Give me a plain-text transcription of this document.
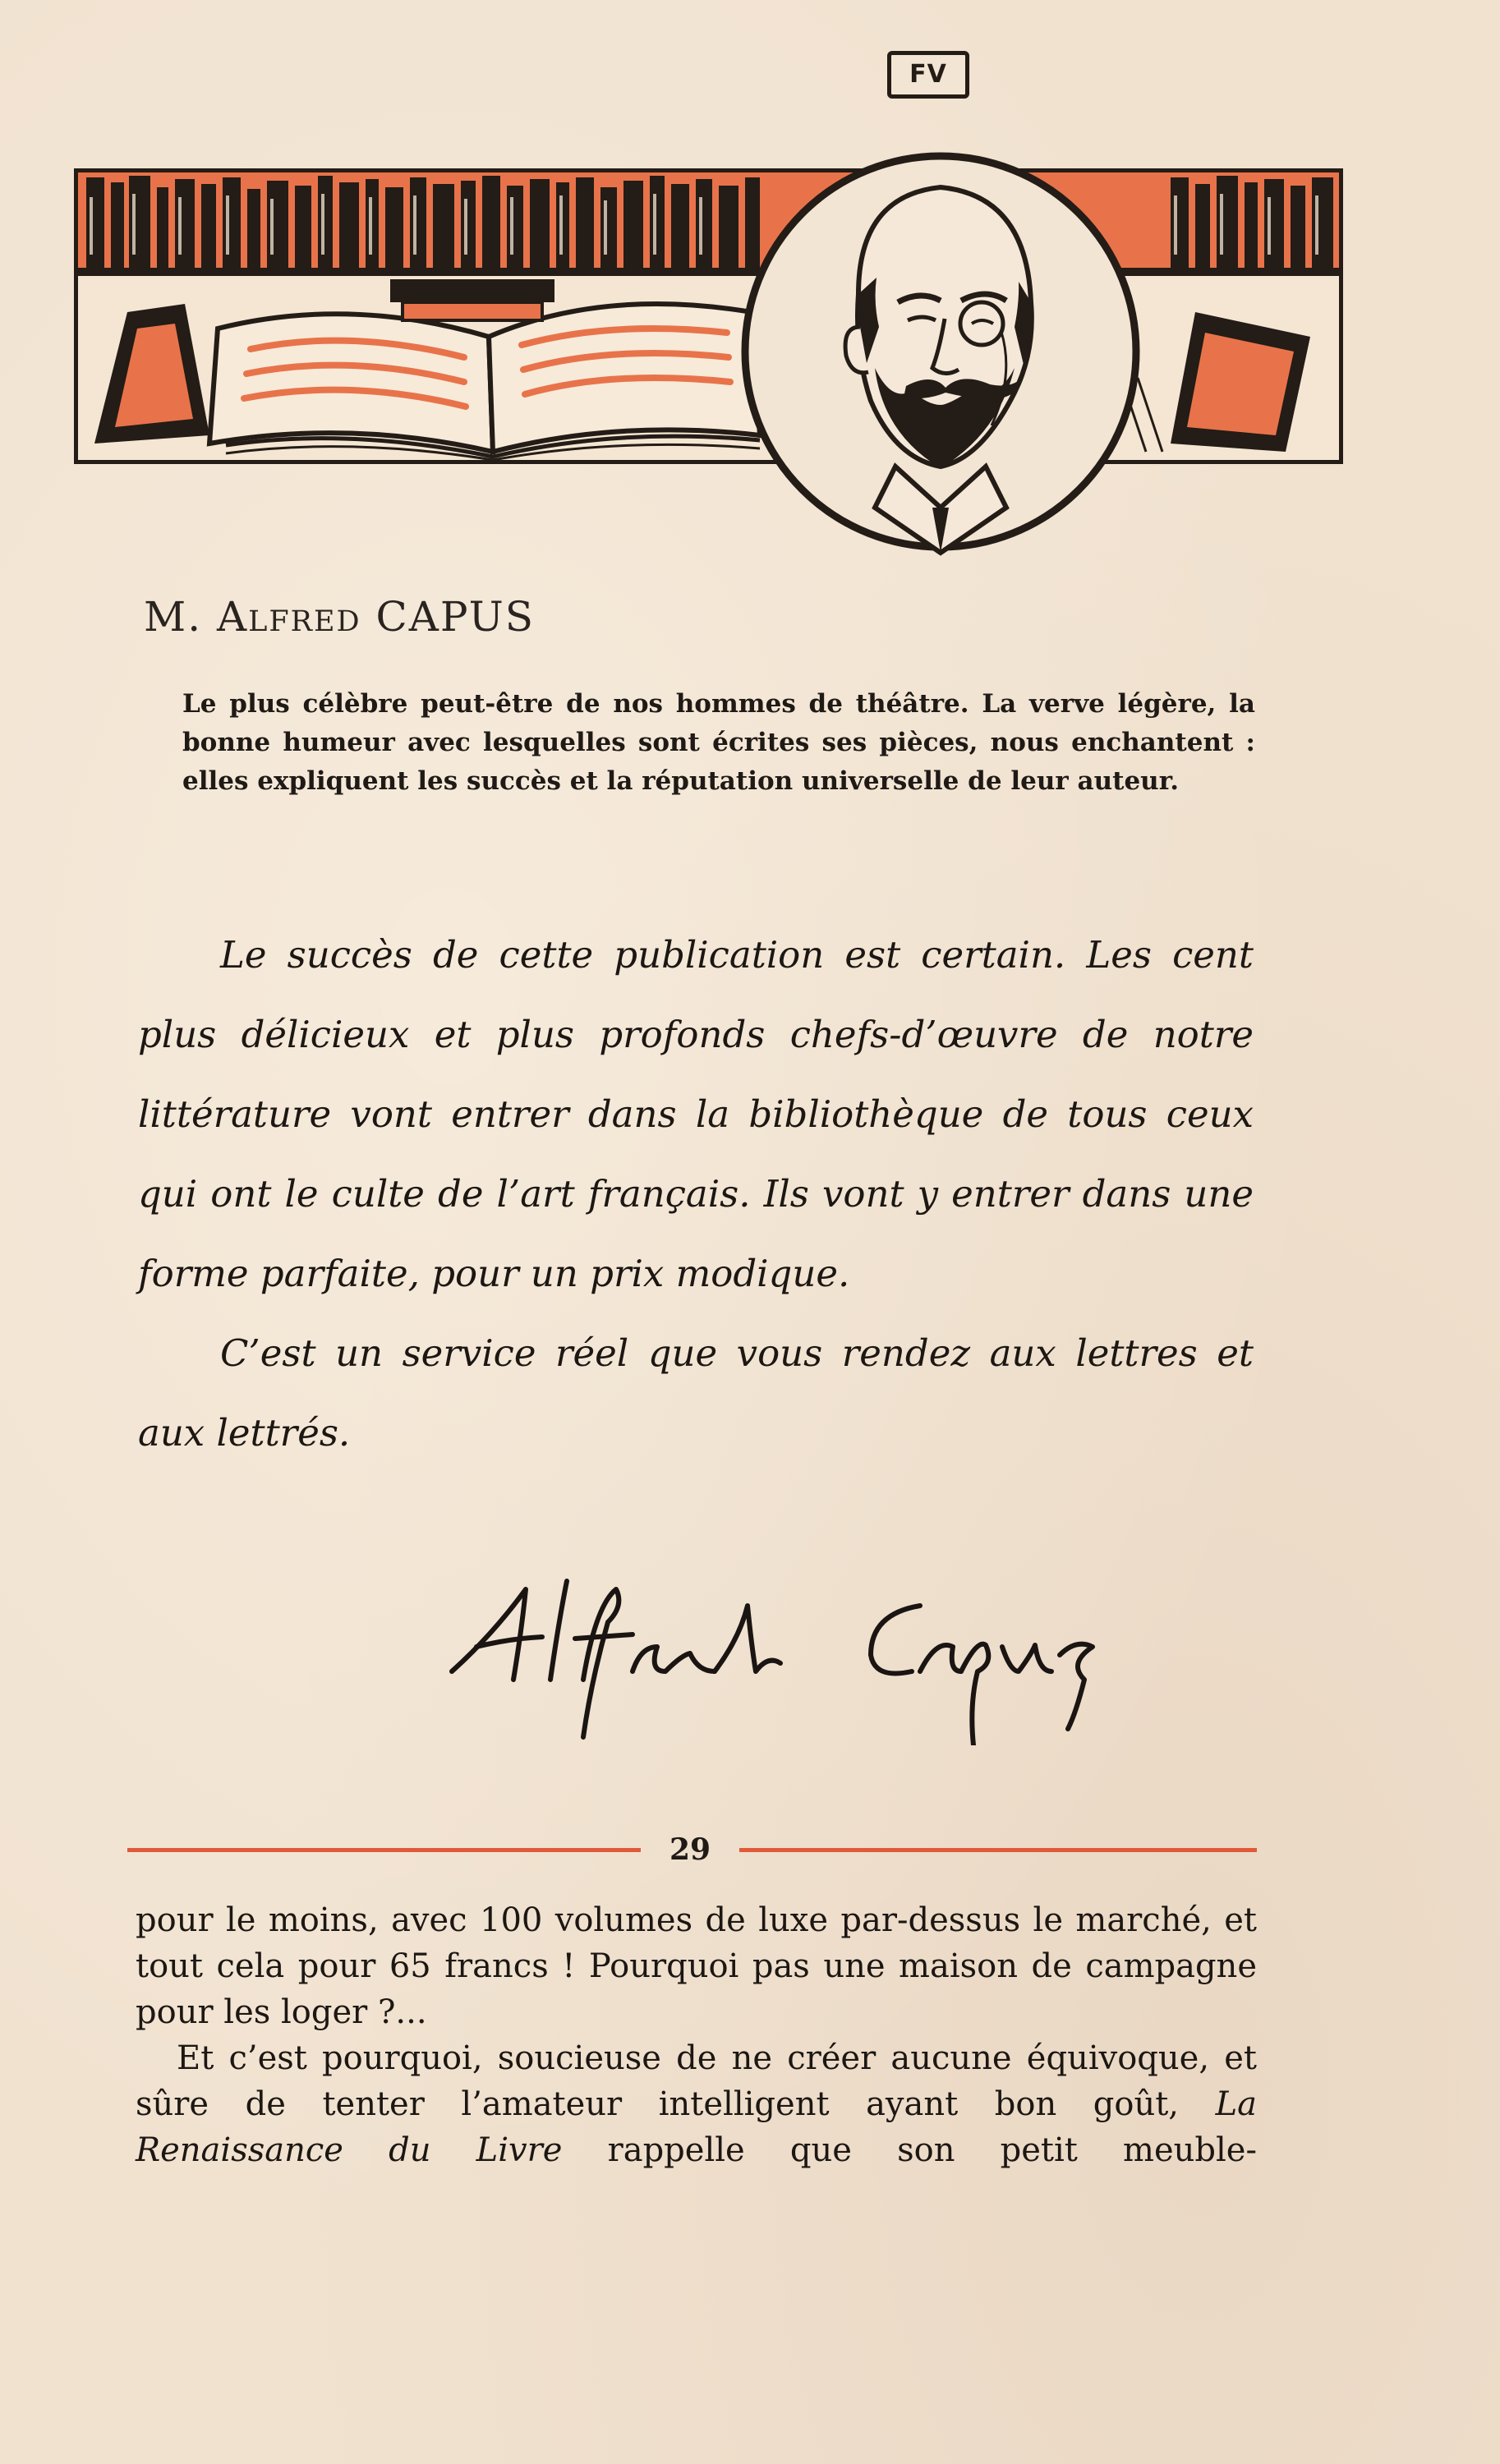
FV
M. Alfred CAPUS

Le plus célèbre peut-être de nos hommes de théâtre. La verve légère, la bonne humeur avec lesquelles sont écrites ses pièces, nous enchantent : elles expliquent les succès et la réputation universelle de leur auteur.

Le succès de cette publication est certain. Les cent plus délicieux et plus profonds chefs-d’œuvre de notre littérature vont entrer dans la bibliothèque de tous ceux qui ont le culte de l’art français. Ils vont y entrer dans une forme parfaite, pour un prix modique.

C’est un service réel que vous rendez aux lettres et aux lettrés.

29

pour le moins, avec 100 volumes de luxe par-dessus le marché, et tout cela pour 65 francs ! Pourquoi pas une maison de campagne pour les loger ?...

Et c’est pourquoi, soucieuse de ne créer aucune équivoque, et sûre de tenter l’amateur intelligent ayant bon goût, La Renaissance du Livre rappelle que son petit meuble-
